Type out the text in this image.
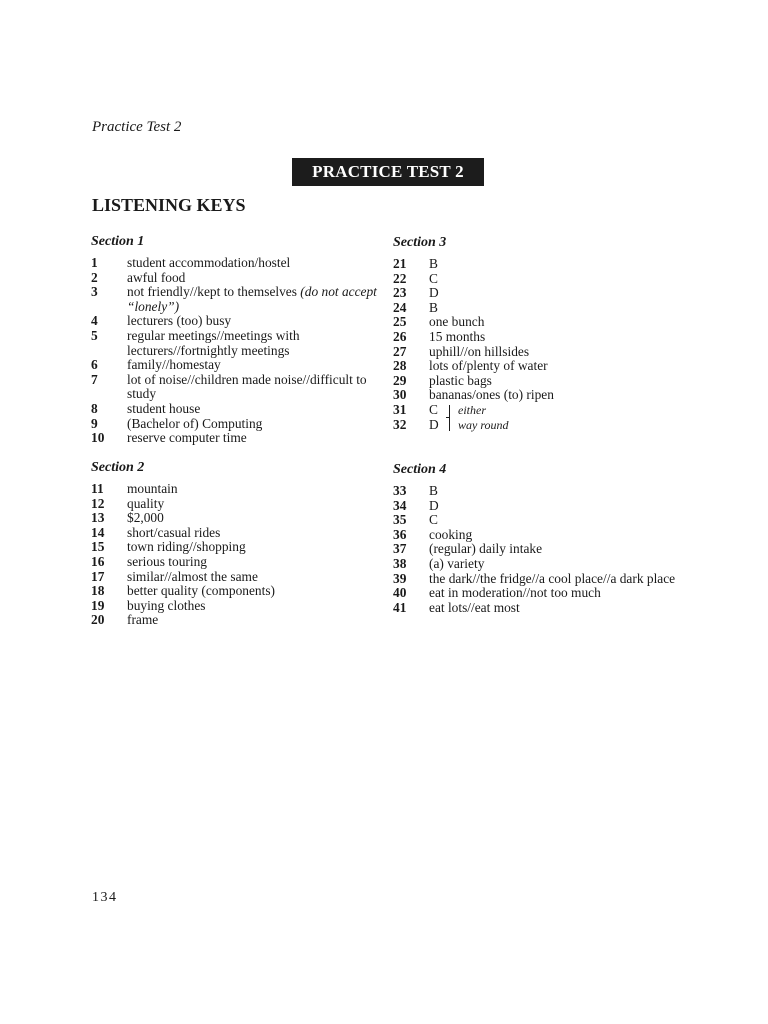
Practice Test 2
PRACTICE TEST 2
LISTENING KEYS
Section 1
1	student accommodation/hostel
2	awful food
3	not friendly//kept to themselves (do not accept “lonely”)
4	lecturers (too) busy
5	regular meetings//meetings with lecturers//fortnightly meetings
6	family//homestay
7	lot of noise//children made noise//difficult to study
8	student house
9	(Bachelor of) Computing
10	reserve computer time
Section 2
11	mountain
12	quality
13	$2,000
14	short/casual rides
15	town riding//shopping
16	serious touring
17	similar//almost the same
18	better quality (components)
19	buying clothes
20	frame
Section 3
21	B
22	C
23	D
24	B
25	one bunch
26	15 months
27	uphill//on hillsides
28	lots of/plenty of water
29	plastic bags
30	bananas/ones (to) ripen
31	C
32	D
Section 4
33	B
34	D
35	C
36	cooking
37	(regular) daily intake
38	(a) variety
39	the dark//the fridge//a cool place//a dark place
40	eat in moderation//not too much
41	eat lots//eat most
either
way round
134
